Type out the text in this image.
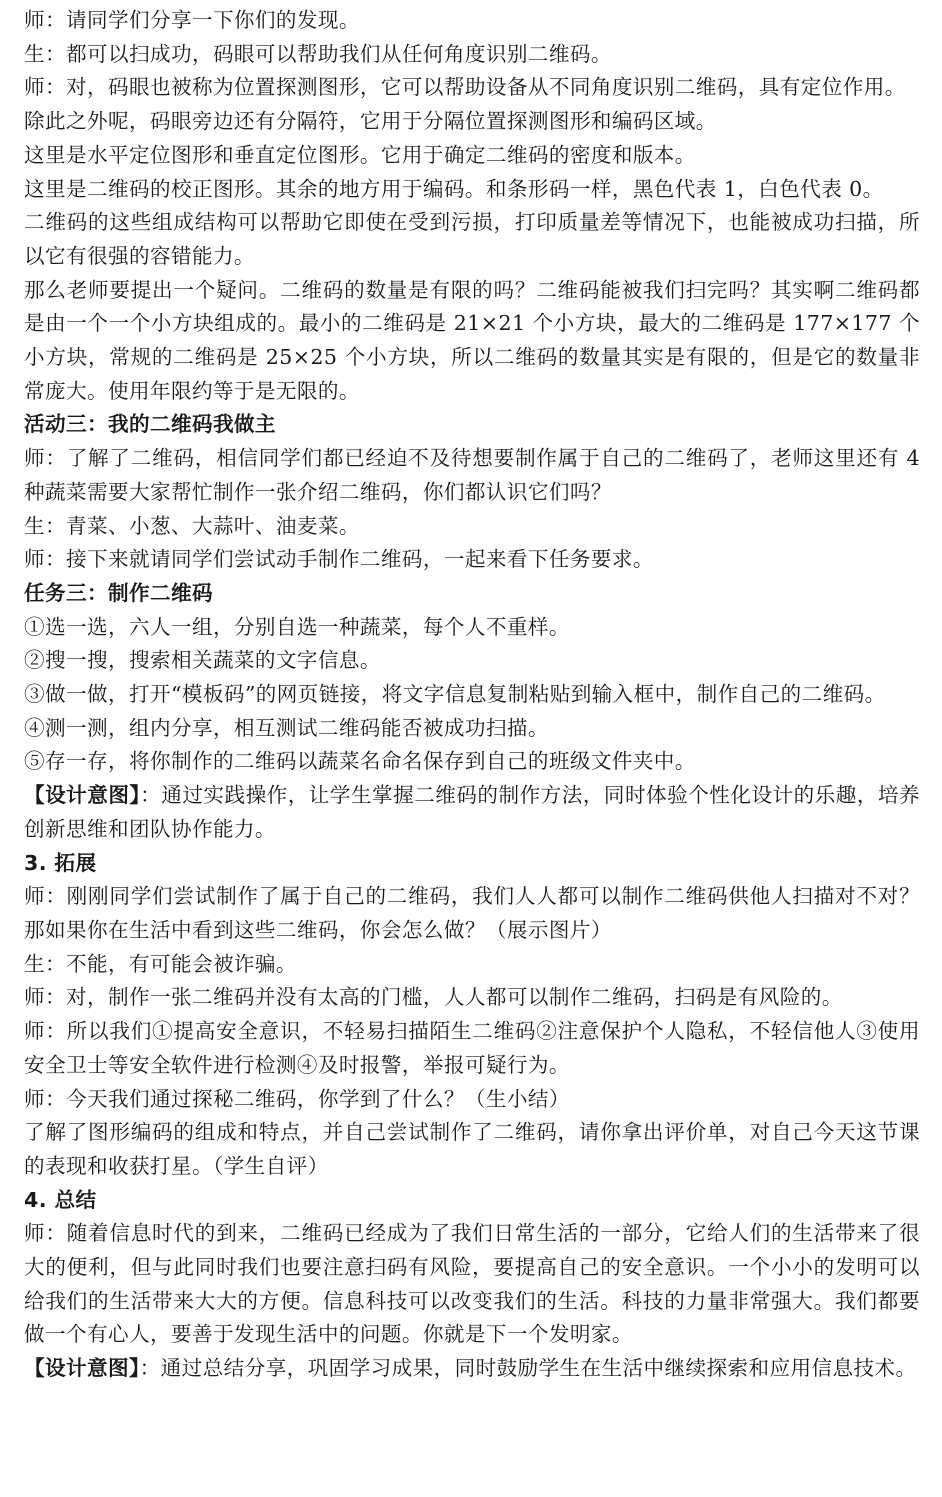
师：请同学们分享一下你们的发现。

生：都可以扫成功，码眼可以帮助我们从任何角度识别二维码。

师：对，码眼也被称为位置探测图形，它可以帮助设备从不同角度识别二维码，具有定位作用。

除此之外呢，码眼旁边还有分隔符，它用于分隔位置探测图形和编码区域。

这里是水平定位图形和垂直定位图形。它用于确定二维码的密度和版本。

这里是二维码的校正图形。其余的地方用于编码。和条形码一样，黑色代表 1，白色代表 0。

二维码的这些组成结构可以帮助它即使在受到污损，打印质量差等情况下，也能被成功扫描，所以它有很强的容错能力。

那么老师要提出一个疑问。二维码的数量是有限的吗？二维码能被我们扫完吗？其实啊二维码都是由一个一个小方块组成的。最小的二维码是 21×21 个小方块，最大的二维码是 177×177 个小方块，常规的二维码是 25×25 个小方块，所以二维码的数量其实是有限的，但是它的数量非常庞大。使用年限约等于是无限的。

活动三：我的二维码我做主

师：了解了二维码，相信同学们都已经迫不及待想要制作属于自己的二维码了，老师这里还有 4 种蔬菜需要大家帮忙制作一张介绍二维码，你们都认识它们吗？

生：青菜、小葱、大蒜叶、油麦菜。

师：接下来就请同学们尝试动手制作二维码，一起来看下任务要求。

任务三：制作二维码

①选一选，六人一组，分别自选一种蔬菜，每个人不重样。

②搜一搜，搜索相关蔬菜的文字信息。

③做一做，打开“模板码”的网页链接，将文字信息复制粘贴到输入框中，制作自己的二维码。

④测一测，组内分享，相互测试二维码能否被成功扫描。

⑤存一存，将你制作的二维码以蔬菜名命名保存到自己的班级文件夹中。

【设计意图】：通过实践操作，让学生掌握二维码的制作方法，同时体验个性化设计的乐趣，培养创新思维和团队协作能力。

3. 拓展

师：刚刚同学们尝试制作了属于自己的二维码，我们人人都可以制作二维码供他人扫描对不对？那如果你在生活中看到这些二维码，你会怎么做？（展示图片）

生：不能，有可能会被诈骗。

师：对，制作一张二维码并没有太高的门槛，人人都可以制作二维码，扫码是有风险的。

师：所以我们①提高安全意识，不轻易扫描陌生二维码②注意保护个人隐私，不轻信他人③使用安全卫士等安全软件进行检测④及时报警，举报可疑行为。

师：今天我们通过探秘二维码，你学到了什么？（生小结）

了解了图形编码的组成和特点，并自己尝试制作了二维码，请你拿出评价单，对自己今天这节课的表现和收获打星。（学生自评）

4. 总结

师：随着信息时代的到来，二维码已经成为了我们日常生活的一部分，它给人们的生活带来了很大的便利，但与此同时我们也要注意扫码有风险，要提高自己的安全意识。一个小小的发明可以给我们的生活带来大大的方便。信息科技可以改变我们的生活。科技的力量非常强大。我们都要做一个有心人，要善于发现生活中的问题。你就是下一个发明家。

【设计意图】：通过总结分享，巩固学习成果，同时鼓励学生在生活中继续探索和应用信息技术。
